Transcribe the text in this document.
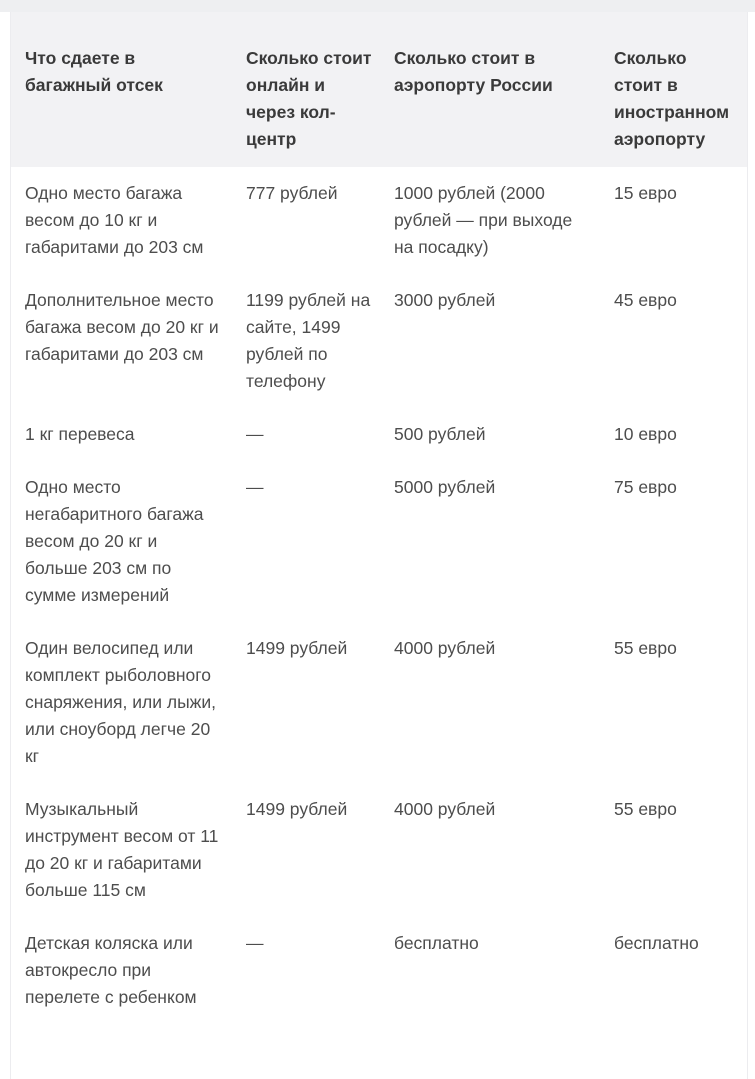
Что сдаете в багажный отсек	Сколько стоит онлайн и через кол-центр	Сколько стоит в аэропорту России	Сколько стоит в иностранном аэропорту
Одно место багажа весом до 10 кг и габаритами до 203 см	777 рублей	1000 рублей (2000 рублей — при выходе на посадку)	15 евро
Дополнительное место багажа весом до 20 кг и габаритами до 203 см	1199 рублей на сайте, 1499 рублей по телефону	3000 рублей	45 евро
1 кг перевеса	—	500 рублей	10 евро
Одно место негабаритного багажа весом до 20 кг и больше 203 см по сумме измерений	—	5000 рублей	75 евро
Один велосипед или комплект рыболовного снаряжения, или лыжи, или сноуборд легче 20 кг	1499 рублей	4000 рублей	55 евро
Музыкальный инструмент весом от 11 до 20 кг и габаритами больше 115 см	1499 рублей	4000 рублей	55 евро
Детская коляска или автокресло при перелете с ребенком	—	бесплатно	бесплатно
